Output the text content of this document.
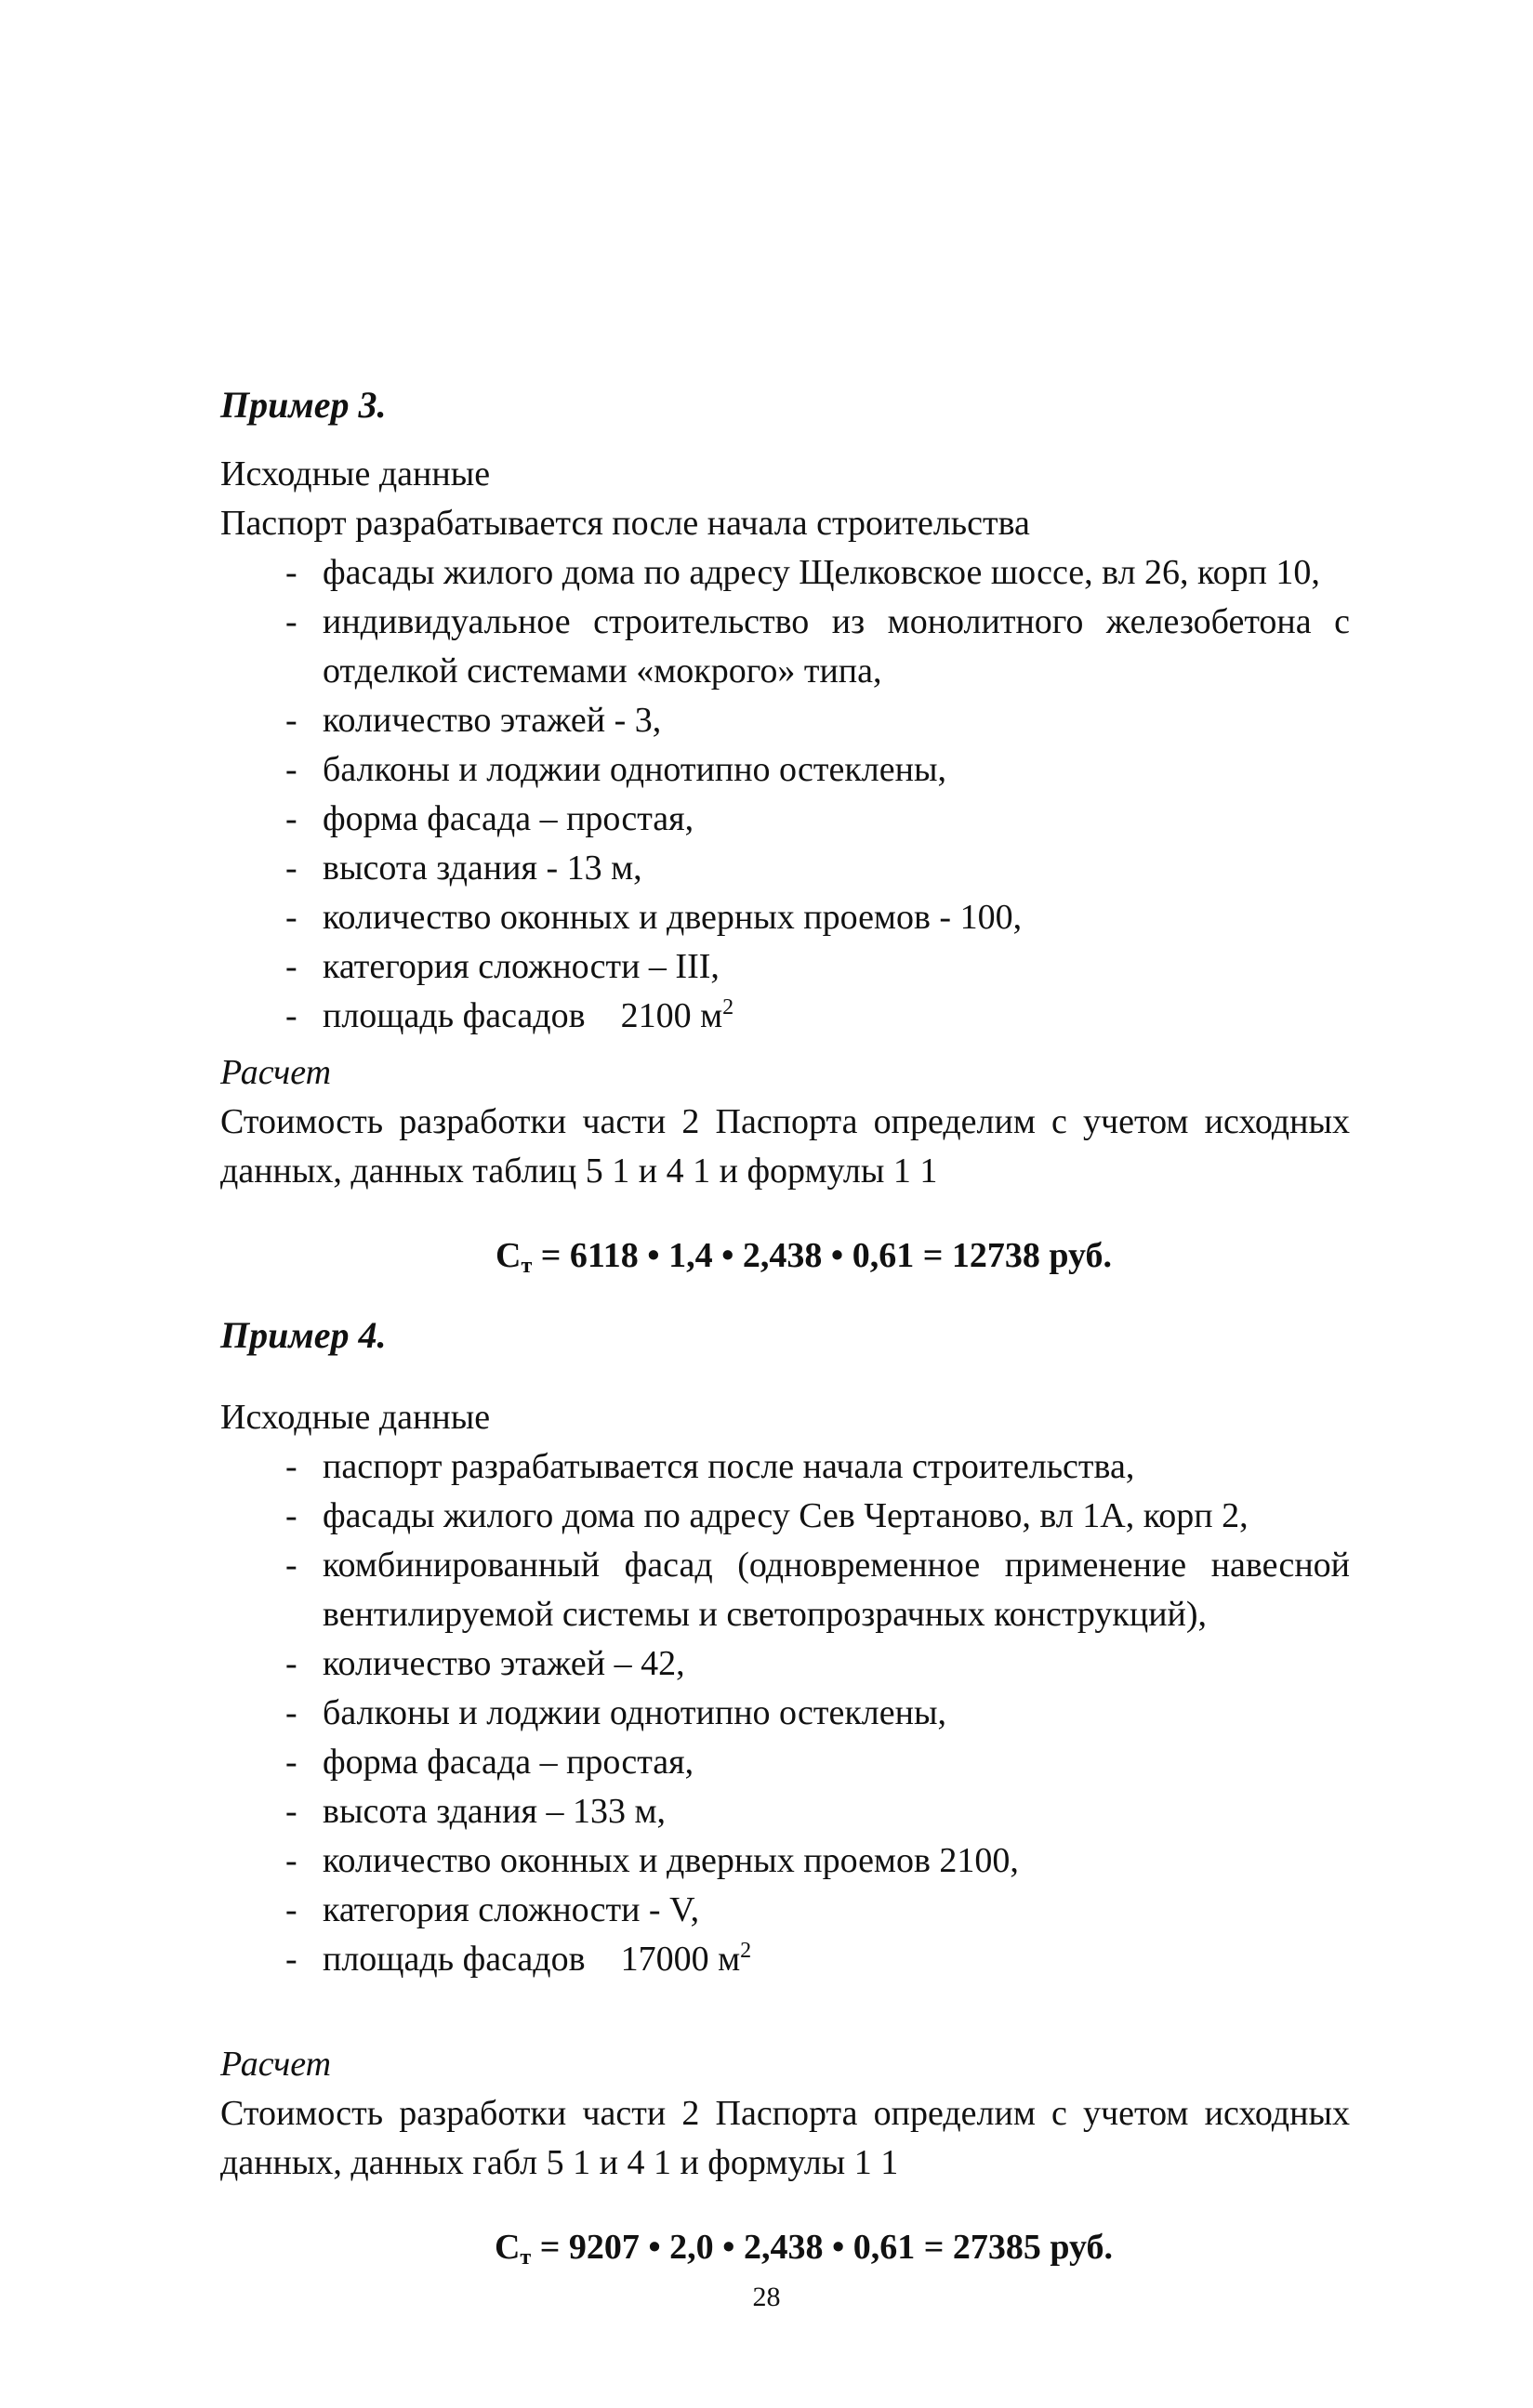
Пример 3.

Исходные данные

Паспорт разрабатывается после начала строительства

- фасады жилого дома по адресу Щелковское шоссе, вл 26, корп 10,
- индивидуальное строительство из монолитного железобетона с отделкой системами «мокрого» типа,
- количество этажей - 3,
- балконы и лоджии однотипно остеклены,
- форма фасада – простая,
- высота здания - 13 м,
- количество оконных и дверных проемов - 100,
- категория сложности – III,
- площадь фасадов 2100 $м^2$

Расчет

Стоимость разработки части 2 Паспорта определим с учетом исходных данных, данных таблиц 5 1 и 4 1 и формулы 1 1

$С_т = 6118$ • 1,4 • 2,438 • 0,61 = 12738 руб.

Пример 4.

Исходные данные

- паспорт разрабатывается после начала строительства,
- фасады жилого дома по адресу Сев Чертаново, вл 1А, корп 2,
- комбинированный фасад (одновременное применение навесной вентилируемой системы и светопрозрачных конструкций),
- количество этажей – 42,
- балконы и лоджии однотипно остеклены,
- форма фасада – простая,
- высота здания – 133 м,
- количество оконных и дверных проемов 2100,
- категория сложности - V,
- площадь фасадов 17000 $м^2$

Расчет

Стоимость разработки части 2 Паспорта определим с учетом исходных данных, данных габл 5 1 и 4 1 и формулы 1 1

$С_т = 9207$ • 2,0 • 2,438 • 0,61 = 27385 руб.

28
